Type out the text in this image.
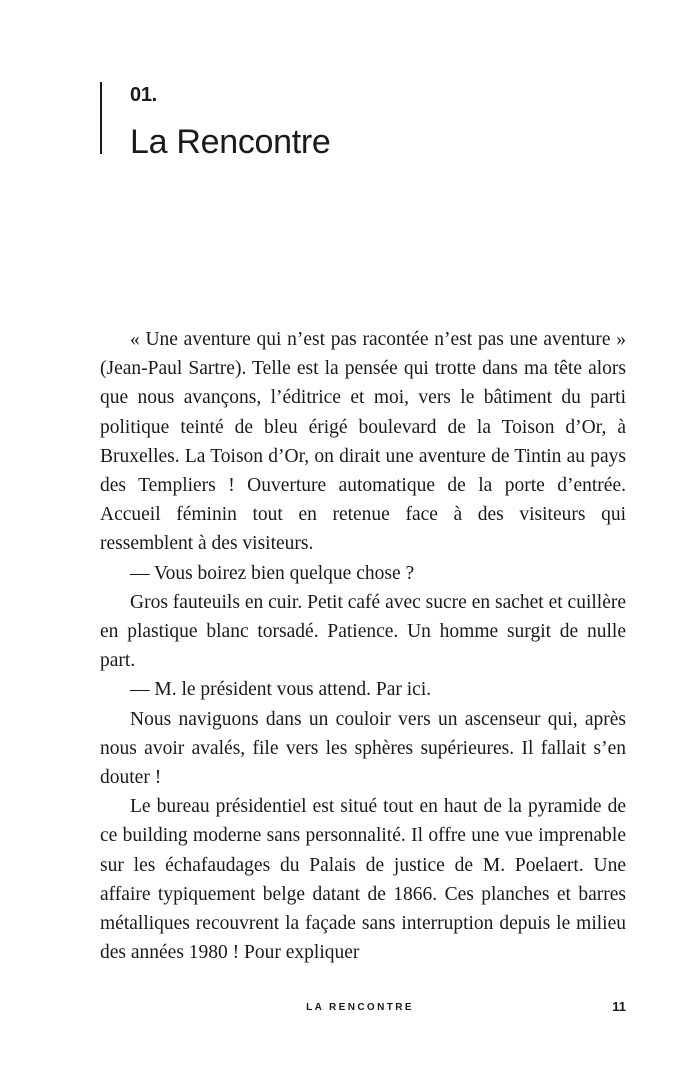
01.
La Rencontre

« Une aventure qui n’est pas racontée n’est pas une aventure » (Jean-Paul Sartre). Telle est la pensée qui trotte dans ma tête alors que nous avançons, l’éditrice et moi, vers le bâtiment du parti politique teinté de bleu érigé boulevard de la Toison d’Or, à Bruxelles. La Toison d’Or, on dirait une aventure de Tintin au pays des Templiers ! Ouverture automatique de la porte d’entrée. Accueil féminin tout en retenue face à des visiteurs qui ressemblent à des visiteurs.

— Vous boirez bien quelque chose ?

Gros fauteuils en cuir. Petit café avec sucre en sachet et cuillère en plastique blanc torsadé. Patience. Un homme surgit de nulle part.

— M. le président vous attend. Par ici.

Nous naviguons dans un couloir vers un ascenseur qui, après nous avoir avalés, file vers les sphères supérieures. Il fallait s’en douter !

Le bureau présidentiel est situé tout en haut de la pyramide de ce building moderne sans personnalité. Il offre une vue imprenable sur les échafaudages du Palais de justice de M. Poelaert. Une affaire typiquement belge datant de 1866. Ces planches et barres métalliques recouvrent la façade sans interruption depuis le milieu des années 1980 ! Pour expliquer

LA RENCONTRE	11
